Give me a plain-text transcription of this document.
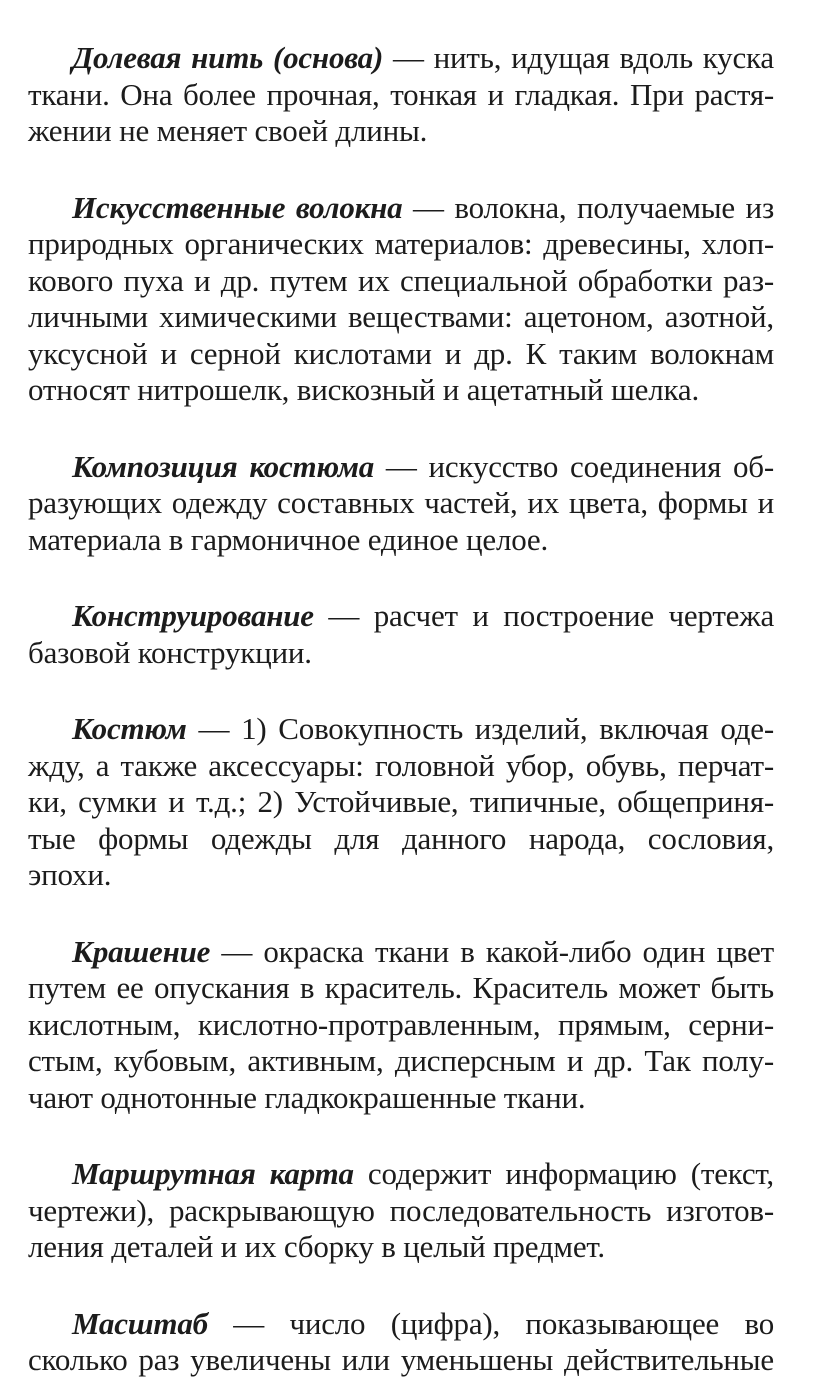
Долевая нить (основа) — нить, идущая вдоль куска
ткани. Она более прочная, тонкая и гладкая. При растя-
жении не меняет своей длины.
Искусственные волокна — волокна, получаемые из
природных органических материалов: древесины, хлоп-
кового пуха и др. путем их специальной обработки раз-
личными химическими веществами: ацетоном, азотной,
уксусной и серной кислотами и др. К таким волокнам
относят нитрошелк, вискозный и ацетатный шелка.
Композиция костюма — искусство соединения об-
разующих одежду составных частей, их цвета, формы и
материала в гармоничное единое целое.
Конструирование — расчет и построение чертежа
базовой конструкции.
Костюм — 1) Совокупность изделий, включая оде-
жду, а также аксессуары: головной убор, обувь, перчат-
ки, сумки и т.д.; 2) Устойчивые, типичные, общеприня-
тые формы одежды для данного народа, сословия,
эпохи.
Крашение — окраска ткани в какой-либо один цвет
путем ее опускания в краситель. Краситель может быть
кислотным, кислотно-протравленным, прямым, серни-
стым, кубовым, активным, дисперсным и др. Так полу-
чают однотонные гладкокрашенные ткани.
Маршрутная карта содержит информацию (текст,
чертежи), раскрывающую последовательность изготов-
ления деталей и их сборку в целый предмет.
Масштаб — число (цифра), показывающее во
сколько раз увеличены или уменьшены действительные
